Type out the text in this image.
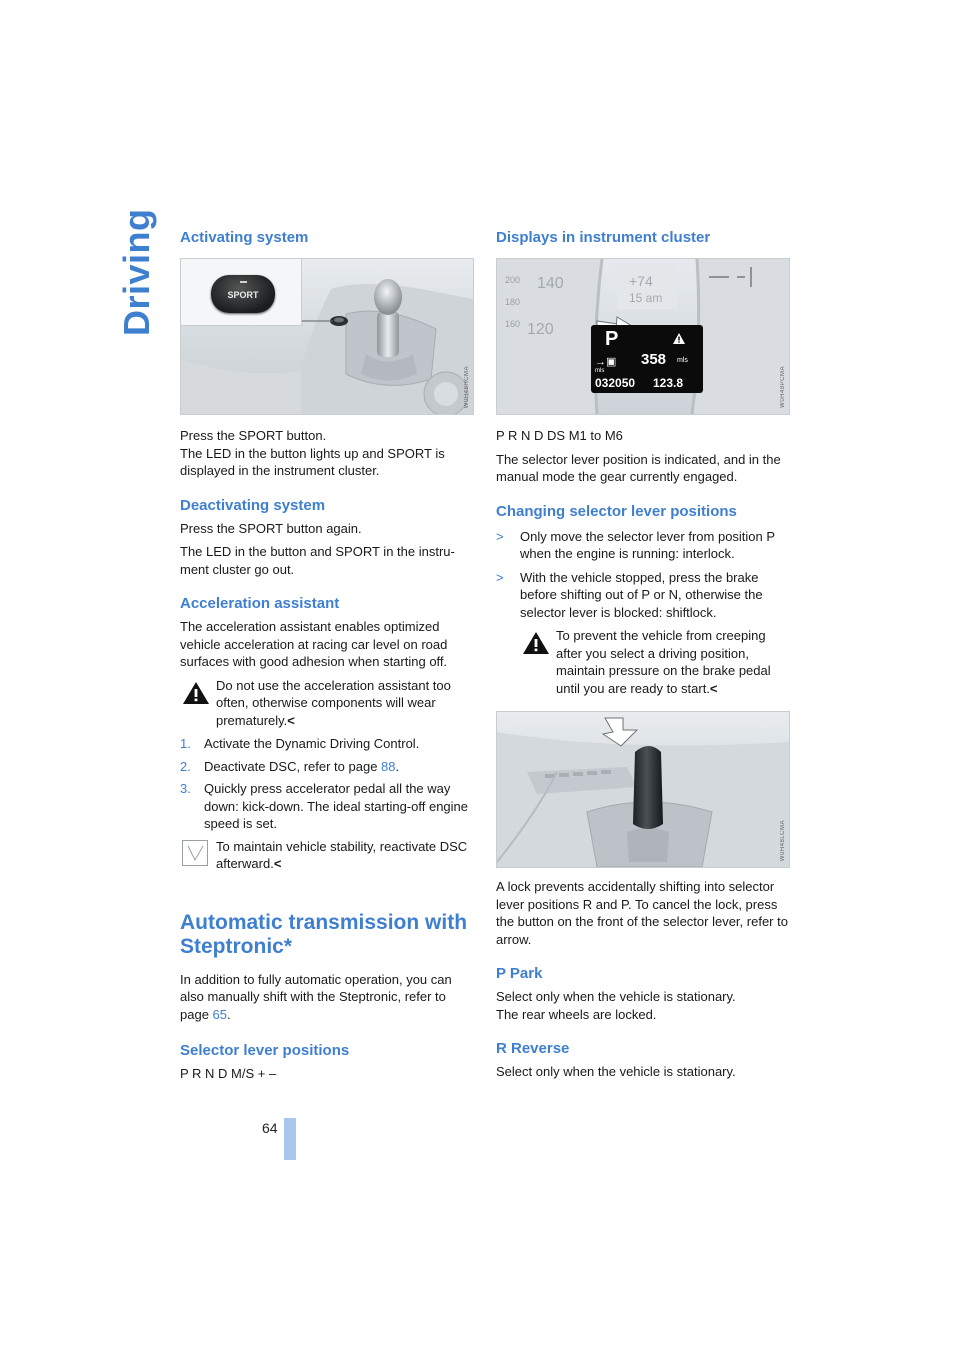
Driving Activating system
SPORT
W0H48HCMA

Press the SPORT button.

The LED in the button lights up and SPORT is displayed in the instrument cluster.

Deactivating system

Press the SPORT button again.

The LED in the button and SPORT in the instrument cluster go out.

Acceleration assistant

The acceleration assistant enables optimized vehicle acceleration at racing car level on road surfaces with good adhesion when starting off.

Do not use the acceleration assistant too often, otherwise components will wear prematurely.<

1. Activate the Dynamic Driving Control.
2. Deactivate DSC, refer to page 88.
3. Quickly press accelerator pedal all the way down: kick-down. The ideal starting-off engine speed is set.

To maintain vehicle stability, reactivate DSC afterward.<

Automatic transmission with Steptronic*

In addition to fully automatic operation, you can also manually shift with the Steptronic, refer to page 65.

Selector lever positions

P R N D M/S + –

Displays in instrument cluster
200
180
160
140
120
+74
15 am
P
→▣ 358 mls
mls
032050 123.8	W0H48PCMA

P R N D DS M1 to M6

The selector lever position is indicated, and in the manual mode the gear currently engaged.

Changing selector lever positions
> Only move the selector lever from position P when the engine is running: interlock.
> With the vehicle stopped, press the brake before shifting out of P or N, otherwise the selector lever is blocked: shiftlock.

To prevent the vehicle from creeping after you select a driving position, maintain pressure on the brake pedal until you are ready to start.<

W0H48LCMA

A lock prevents accidentally shifting into selector lever positions R and P. To cancel the lock, press the button on the front of the selector lever, refer to arrow.

P Park

Select only when the vehicle is stationary.

The rear wheels are locked.

R Reverse

Select only when the vehicle is stationary.

64
